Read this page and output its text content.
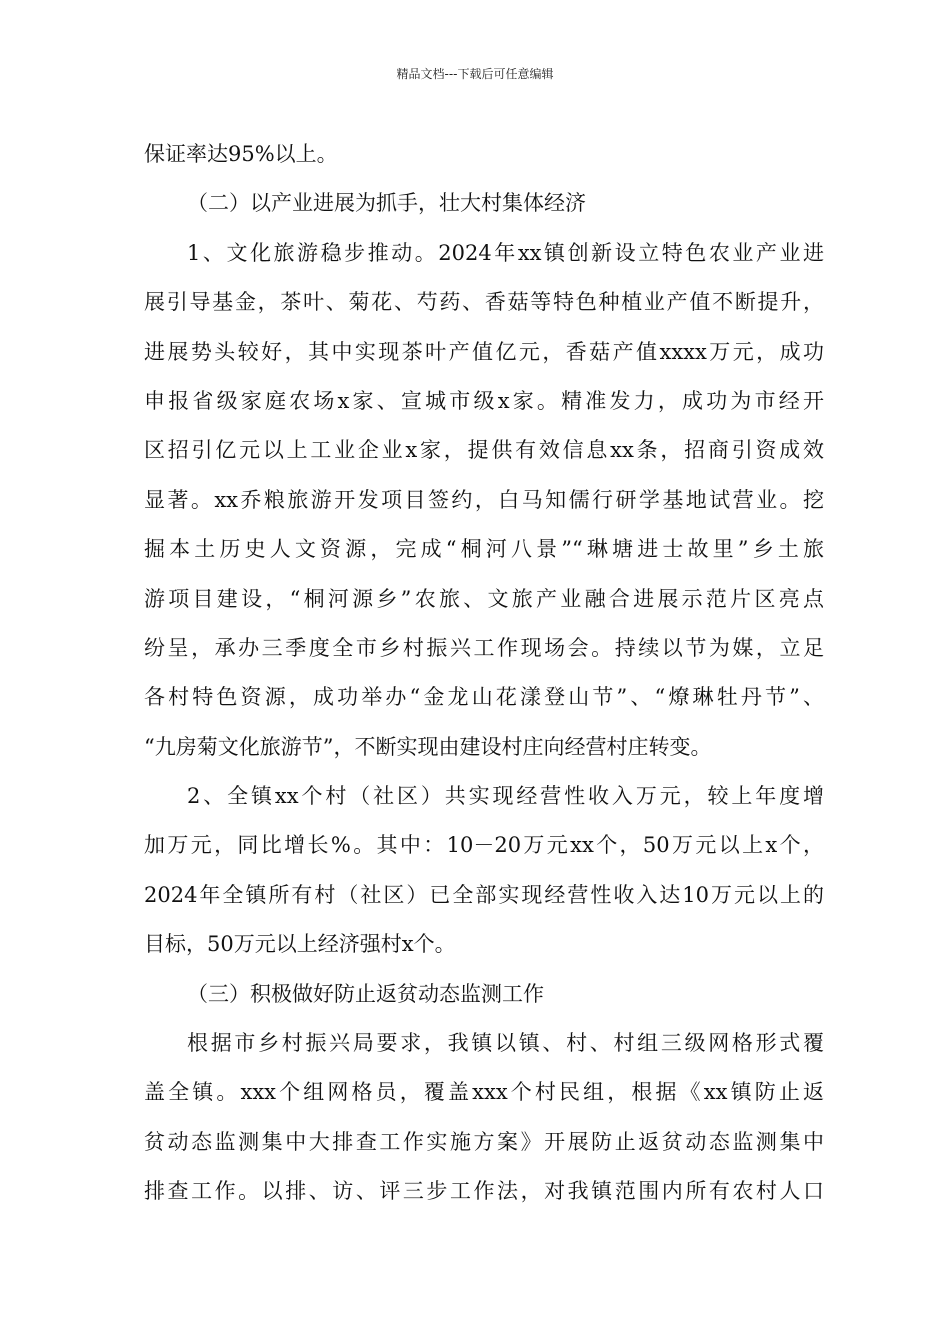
精品文档---下载后可任意编辑
保证率达95%以上。
（二）以产业进展为抓手，壮大村集体经济
1、文化旅游稳步推动。2024年xx镇创新设立特色农业产业进
展引导基金，茶叶、菊花、芍药、香菇等特色种植业产值不断提升，
进展势头较好，其中实现茶叶产值亿元，香菇产值xxxx万元，成功
申报省级家庭农场x家、宣城市级x家。精准发力，成功为市经开
区招引亿元以上工业企业x家，提供有效信息xx条，招商引资成效
显著。xx乔粮旅游开发项目签约，白马知儒行研学基地试营业。挖
掘本土历史人文资源，完成“桐河八景”“琳塘进士故里”乡土旅
游项目建设，“桐河源乡”农旅、文旅产业融合进展示范片区亮点
纷呈，承办三季度全市乡村振兴工作现场会。持续以节为媒，立足
各村特色资源，成功举办“金龙山花漾登山节”、“燎琳牡丹节”、
“九房菊文化旅游节”，不断实现由建设村庄向经营村庄转变。
2、全镇xx个村（社区）共实现经营性收入万元，较上年度增
加万元，同比增长%。其中：10－20万元xx个，50万元以上x个，
2024年全镇所有村（社区）已全部实现经营性收入达10万元以上的
目标，50万元以上经济强村x个。
（三）积极做好防止返贫动态监测工作
根据市乡村振兴局要求，我镇以镇、村、村组三级网格形式覆
盖全镇。xxx个组网格员，覆盖xxx个村民组，根据《xx镇防止返
贫动态监测集中大排查工作实施方案》开展防止返贫动态监测集中
排查工作。以排、访、评三步工作法，对我镇范围内所有农村人口
